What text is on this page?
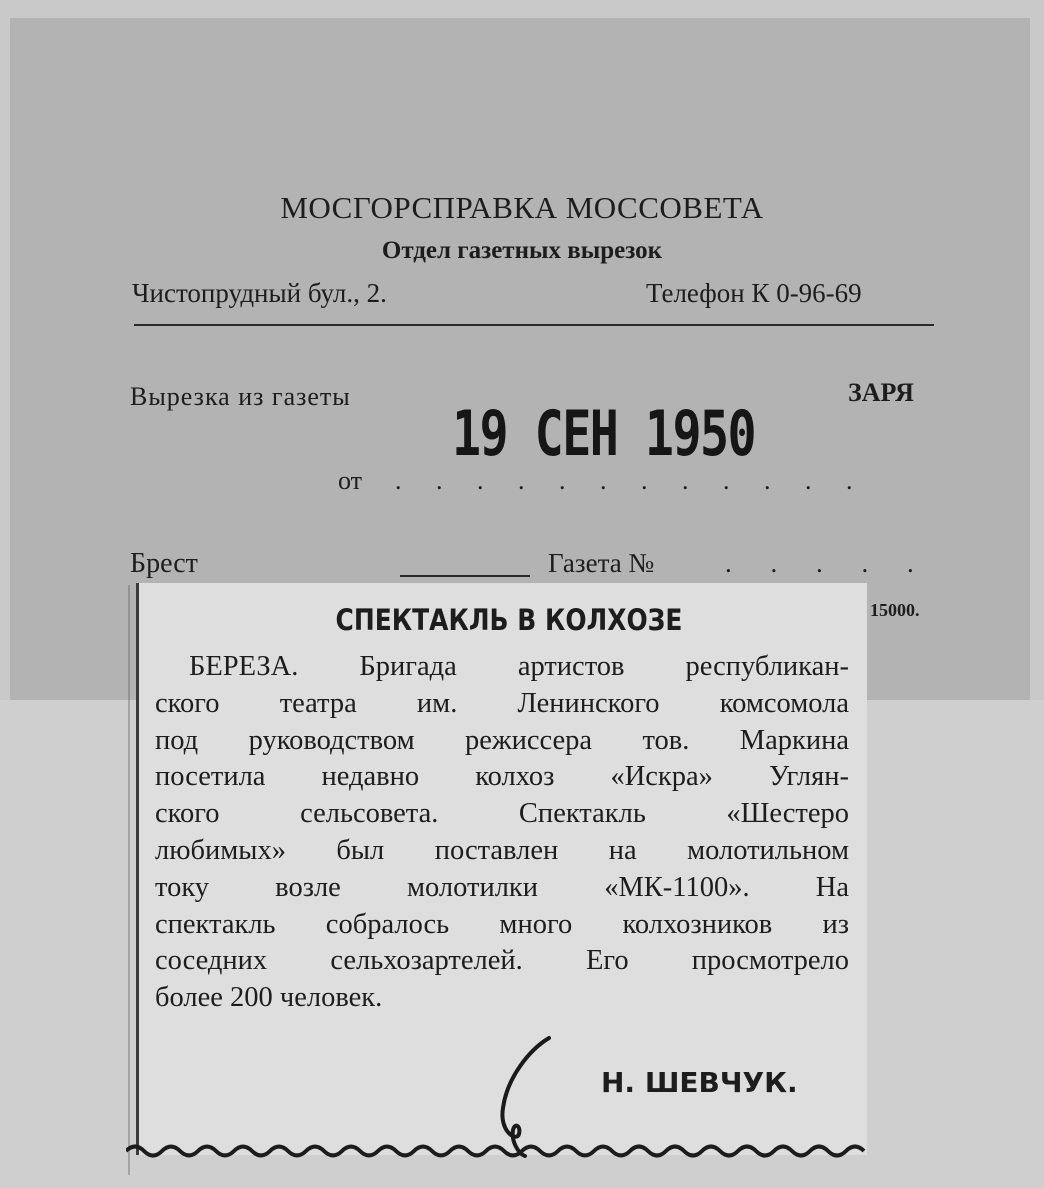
МОСГОРСПРАВКА МОССОВЕТА
Отдел газетных вырезок
Чистопрудный бул., 2.	Телефон К 0-96-69
Вырезка из газеты	ЗАРЯ
19 СЕН 1950
от . . . . . . . . . . . .
Брест	Газета №	. . . . .
15000.
СПЕКТАКЛЬ В КОЛХОЗЕ
БЕРЕЗА. Бригада артистов республикан-
ского театра им. Ленинского комсомола
под руководством режиссера тов. Маркина
посетила недавно колхоз «Искра» Углян-
ского сельсовета. Спектакль «Шестеро
любимых» был поставлен на молотильном
току возле молотилки «МК-1100». На
спектакль собралось много колхозников из
соседних сельхозартелей. Его просмотрело
более 200 человек.
Н. ШЕВЧУК.
